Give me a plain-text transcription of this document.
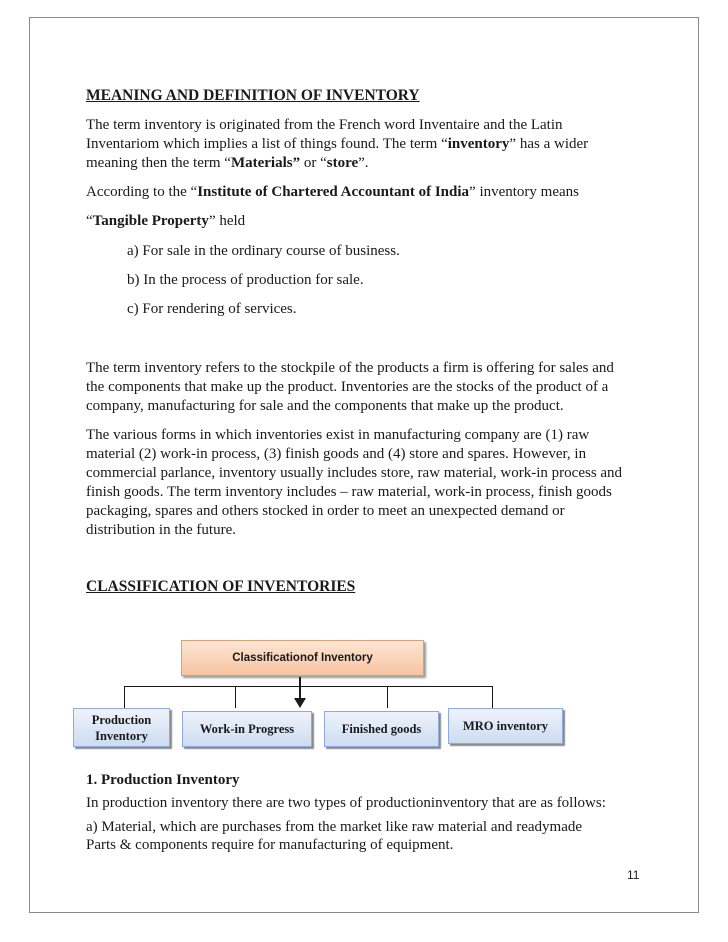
MEANING AND DEFINITION OF INVENTORY

The term inventory is originated from the French word Inventaire and the Latin

Inventariom which implies a list of things found. The term “inventory” has a wider

meaning then the term “Materials” or “store”.

According to the “Institute of Chartered Accountant of India” inventory means

“Tangible Property” held

a) For sale in the ordinary course of business.

b) In the process of production for sale.

c) For rendering of services.

The term inventory refers to the stockpile of the products a firm is offering for sales and

the components that make up the product. Inventories are the stocks of the product of a

company, manufacturing for sale and the components that make up the product.

The various forms in which inventories exist in manufacturing company are (1) raw

material (2) work-in process, (3) finish goods and (4) store and spares. However, in

commercial parlance, inventory usually includes store, raw material, work-in process and

finish goods. The term inventory includes – raw material, work-in process, finish goods

packaging, spares and others stocked in order to meet an unexpected demand or

distribution in the future.

CLASSIFICATION OF INVENTORIES

Classificationof Inventory
Production Inventory	Work-in Progress	Finished goods	MRO inventory

1. Production Inventory

In production inventory there are two types of productioninventory that are as follows:

a) Material, which are purchases from the market like raw material and readymade

Parts & components require for manufacturing of equipment.

11
